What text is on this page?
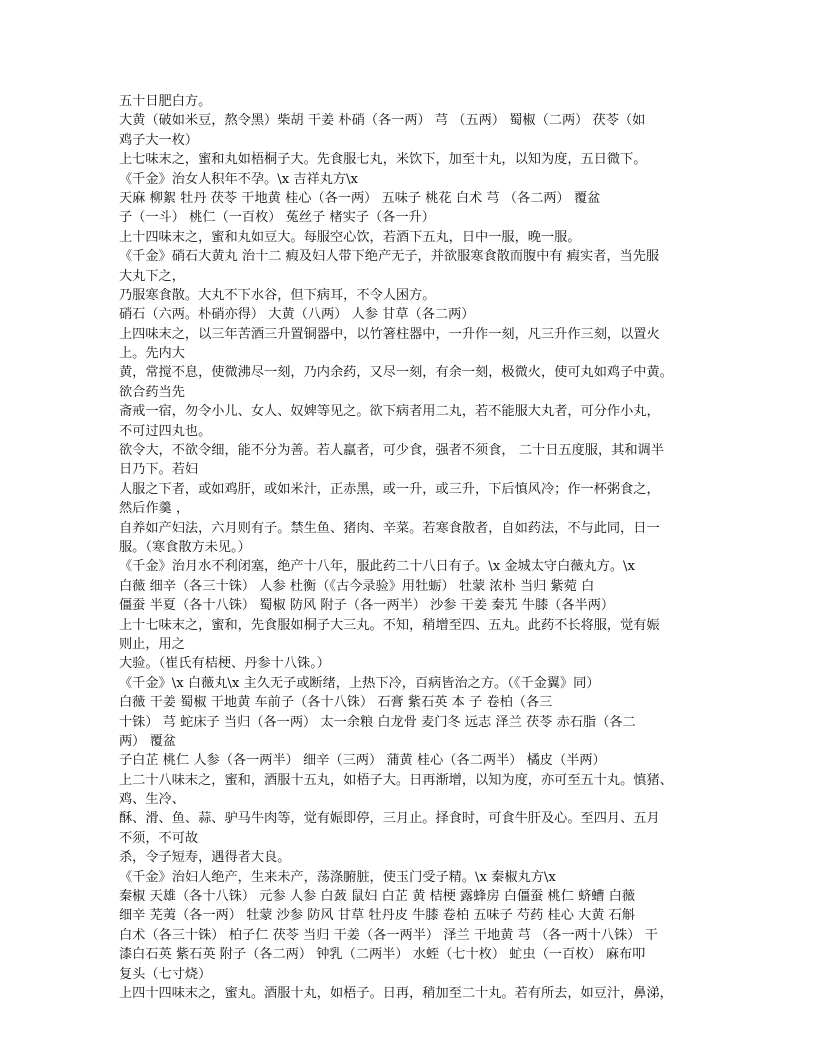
五十日肥白方。
大黄（破如米豆，熬令黑）柴胡 干姜 朴硝（各一两） 芎 （五两） 蜀椒（二两） 茯苓（如
鸡子大一枚）
上七味末之，蜜和丸如梧桐子大。先食服七丸，米饮下，加至十丸，以知为度，五日微下。
《千金》治女人积年不孕。\x 吉祥丸方\x
天麻 柳絮 牡丹 茯苓 干地黄 桂心（各一两） 五味子 桃花 白术 芎 （各二两） 覆盆
子（一斗） 桃仁（一百枚） 菟丝子 楮实子（各一升）
上十四味末之，蜜和丸如豆大。每服空心饮，若酒下五丸，日中一服，晚一服。
《千金》硝石大黄丸 治十二 瘕及妇人带下绝产无子，并欲服寒食散而腹中有 瘕实者，当先服
大丸下之，
乃服寒食散。大丸不下水谷，但下病耳，不令人困方。
硝石（六两。朴硝亦得） 大黄（八两） 人参 甘草（各二两）
上四味末之，以三年苦酒三升置铜器中，以竹箸柱器中，一升作一刻，凡三升作三刻，以置火
上。先内大
黄，常搅不息，使微沸尽一刻，乃内余药，又尽一刻，有余一刻，极微火，使可丸如鸡子中黄。
欲合药当先
斋戒一宿，勿令小儿、女人、奴婢等见之。欲下病者用二丸，若不能服大丸者，可分作小丸，
不可过四丸也。
欲令大，不欲令细，能不分为善。若人羸者，可少食，强者不须食， 二十日五度服，其和调半
日乃下。若妇
人服之下者，或如鸡肝，或如米汁，正赤黑，或一升，或三升，下后慎风冷；作一杯粥食之，
然后作羹 ，
自养如产妇法，六月则有子。禁生鱼、猪肉、辛菜。若寒食散者，自如药法，不与此同，日一
服。（寒食散方未见。）
《千金》治月水不利闭塞，绝产十八年，服此药二十八日有子。\x 金城太守白薇丸方。\x
白薇 细辛（各三十铢） 人参 杜衡（《古今录验》用牡蛎） 牡蒙 浓朴 当归 紫菀 白
僵蚕 半夏（各十八铢） 蜀椒 防风 附子（各一两半） 沙参 干姜 秦艽 牛膝（各半两）
上十七味末之，蜜和，先食服如桐子大三丸。不知，稍增至四、五丸。此药不长将服，觉有娠
则止，用之
大验。（崔氏有桔梗、丹参十八铢。）
《千金》\x 白薇丸\x 主久无子或断绪，上热下冷，百病皆治之方。（《千金翼》同）
白薇 干姜 蜀椒 干地黄 车前子（各十八铢） 石膏 紫石英 本 子 卷柏（各三
十铢） 芎 蛇床子 当归（各一两） 太一余粮 白龙骨 麦门冬 远志 泽兰 茯苓 赤石脂（各二
两） 覆盆
子白芷 桃仁 人参（各一两半） 细辛（三两） 蒲黄 桂心（各二两半） 橘皮（半两）
上二十八味末之，蜜和，酒服十五丸，如梧子大。日再渐增，以知为度，亦可至五十丸。慎猪、
鸡、生冷、
酥、滑、鱼、蒜、驴马牛肉等，觉有娠即停，三月止。择食时，可食牛肝及心。至四月、五月
不须，不可故
杀，令子短寿，遇得者大良。
《千金》治妇人绝产，生来未产，荡涤腑脏，使玉门受子精。\x 秦椒丸方\x
秦椒 天雄（各十八铢） 元参 人参 白蔹 鼠妇 白芷 黄 桔梗 露蜂房 白僵蚕 桃仁 蛴螬 白薇
细辛 芜荑（各一两） 牡蒙 沙参 防风 甘草 牡丹皮 牛膝 卷柏 五味子 芍药 桂心 大黄 石斛
白术（各三十铢） 柏子仁 茯苓 当归 干姜（各一两半） 泽兰 干地黄 芎 （各一两十八铢） 干
漆白石英 紫石英 附子（各二两） 钟乳（二两半） 水蛭（七十枚） 虻虫（一百枚） 麻布叩
复头（七寸烧）
上四十四味末之，蜜丸。酒服十丸，如梧子。日再，稍加至二十丸。若有所去，如豆汁，鼻涕，
